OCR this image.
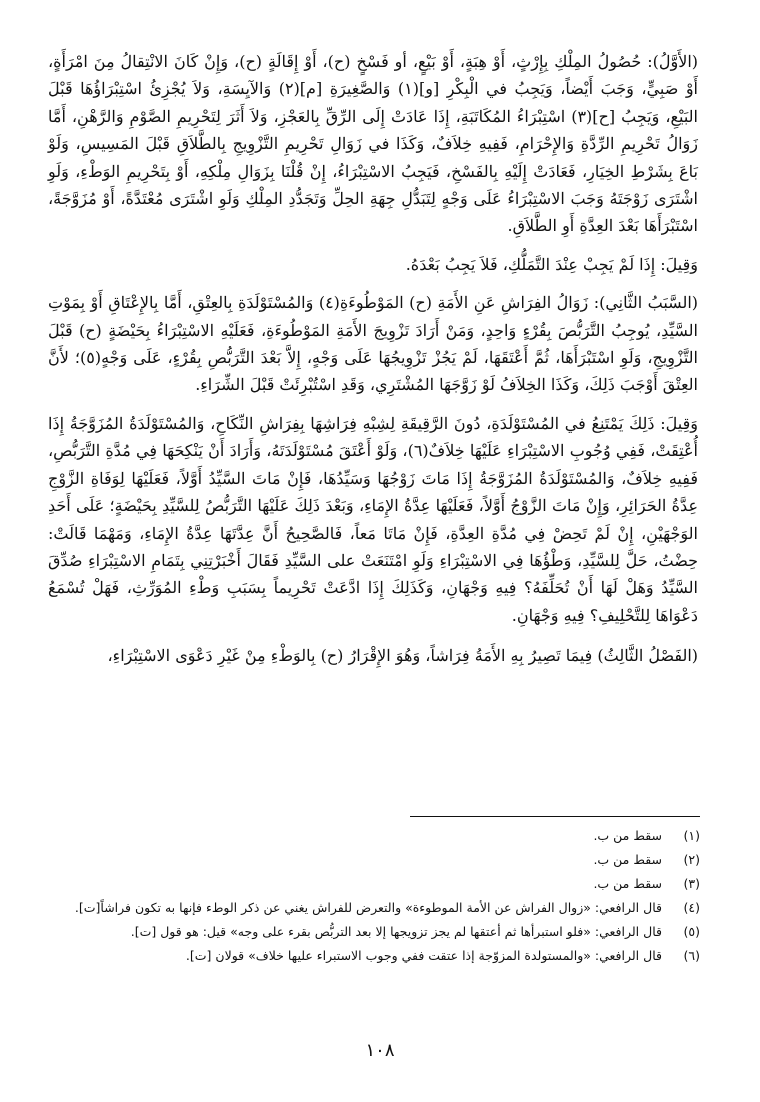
(الأَوَّلُ): حُصُولُ المِلْكِ بِإِرْثٍ، أَوْ هِبَةٍ، أَوْ بَيْعٍ، أو فَسْخٍ (ح)، أَوْ إِقَالَةٍ (ح)، وَإِنْ كَانَ الانْتِقالُ مِنَ امْرَأَةٍ، أَوْ صَبِيٍّ، وَجَبَ أَيْضاً، وَيَجِبُ في الْبِكْرِ [و](١) وَالصَّغِيرَةِ [م](٢) وَالآيِسَةِ، وَلاَ يُجْزِئُ اسْتِبْرَاؤُهَا قَبْلَ البَيْعِ، وَيَجِبُ [ح](٣) اسْتِبْرَاءُ المُكَاتَبَةِ، إِذَا عَادَتْ إِلَى الرِّقِّ بِالعَجْزِ، وَلاَ أَثَرَ لِتَحْرِيمِ الصَّوْمِ وَالرَّهْنِ، أَمَّا زَوَالُ تَحْرِيمِ الرِّدَّةِ وَالإِحْرَامِ، فَفِيهِ خِلاَفٌ، وَكَذَا في زَوَالِ تَحْرِيمِ التَّزْوِيجِ بِالطَّلاَقِ قَبْلَ المَسِيسِ، وَلَوْ بَاعَ بِشَرْطِ الخِيَارِ، فَعَادَتْ إِلَيْهِ بِالفَسْخِ، فَيَجِبُ الاسْتِبْرَاءُ، إِنْ قُلْنَا بِزَوَالِ مِلْكِهِ، أَوْ بِتَحْرِيمِ الوَطْءِ، وَلَوِ اشْتَرَى زَوْجَتَهُ وَجَبَ الاسْتِبْرَاءُ عَلَى وَجْهٍ لِتَبَدُّلِ جِهَةِ الحِلِّ وَتَجَدُّدِ المِلْكِ وَلَوِ اشْتَرَى مُعْتَدَّةً، أَوْ مُزَوَّجَةً، اسْتَبْرَأَهَا بَعْدَ العِدَّةِ أَوِ الطَّلاَقِ.

وَقِيلَ: إِذَا لَمْ يَجِبْ عِنْدَ التَّمَلُّكِ، فَلاَ يَجِبُ بَعْدَهُ.

(السَّبَبُ الثَّانِي): زَوَالُ الفِرَاشِ عَنِ الأَمَةِ (ح) المَوْطُوءَةِ(٤) وَالمُسْتَوْلَدَةِ بِالعِتْقِ، أَمَّا بِالإِعْتَاقِ أَوْ بِمَوْتِ السَّيِّدِ، يُوجِبُ التَّرَبُّصَ بِقُرْءٍ وَاحِدٍ، وَمَنْ أَرَادَ تَزْوِيجَ الأَمَةِ المَوْطُوءَةِ، فَعَلَيْهِ الاسْتِبْرَاءُ بِحَيْضَةٍ (ح) قَبْلَ التَّزْوِيجِ، وَلَوِ اسْتَبْرَأَهَا، ثُمَّ أَعْتَقَهَا، لَمْ يَجُزْ تَزْوِيجُهَا عَلَى وَجْهٍ، إِلاَّ بَعْدَ التَّرَبُّصِ بِقُرْءٍ، عَلَى وَجْهٍ(٥)؛ لأَنَّ العِتْقَ أَوْجَبَ ذَلِكَ، وَكَذَا الخِلاَفُ لَوْ زَوَّجَهَا المُشْتَرِي، وَقَدِ اسْتُبْرِئَتْ قَبْلَ الشِّرَاءِ.

وَقِيلَ: ذَلِكَ يَمْتَنِعُ في المُسْتَوْلَدَةِ، دُونَ الرَّقِيقَةِ لِشِبْهِ فِرَاشِهَا بِفِرَاشِ النِّكَاحِ، وَالمُسْتَوْلَدَةُ المُزَوَّجَةُ إِذَا أُعْتِقَتْ، فَفِي وُجُوبِ الاسْتِبْرَاءِ عَلَيْهَا خِلاَفٌ(٦)، وَلَوْ أَعْتَقَ مُسْتَوْلَدَتَهُ، وَأَرَادَ أَنْ يَنْكِحَهَا فِي مُدَّةِ التَّرَبُّصِ، فَفِيهِ خِلاَفٌ، وَالمُسْتَوْلَدَةُ المُزَوَّجَةُ إِذَا مَاتَ زَوْجُهَا وَسَيِّدُهَا، فَإِنْ مَاتَ السَّيِّدُ أَوَّلاً، فَعَلَيْهَا لِوَفَاةِ الزَّوْجِ عِدَّةُ الحَرَائِرِ، وَإِنْ مَاتَ الزَّوْجُ أَوَّلاً، فَعَلَيْهَا عِدَّةُ الإِمَاءِ، وَبَعْدَ ذَلِكَ عَلَيْهَا التَّرَبُّصُ لِلسَّيِّدِ بِحَيْضَةٍ؛ عَلَى أَحَدِ الوَجْهَيْنِ، إِنْ لَمْ تَحِضْ فِي مُدَّةِ العِدَّةِ، فَإِنْ مَاتَا مَعاً، فَالصَّحِيحُ أَنَّ عِدَّتَهَا عِدَّةُ الإِمَاءِ، وَمَهْمَا قَالَتْ: حِضْتُ، حَلَّ لِلسَّيِّدِ، وَطْؤُهَا فِي الاسْتِبْرَاءِ وَلَوِ امْتَنَعَتْ على السَّيِّدِ فَقَالَ أَخْبَرْتِنِي بِتَمَامِ الاسْتِبْرَاءِ صُدِّقَ السَّيِّدُ وَهَلْ لَهَا أَنْ تُحَلِّفَهُ؟ فِيهِ وَجْهَانِ، وَكَذَلِكَ إِذَا ادَّعَتْ تَحْرِيماً بِسَبَبِ وَطْءِ المُوَرِّثِ، فَهَلْ تُسْمَعُ دَعْوَاهَا لِلتَّحْلِيفِ؟ فِيهِ وَجْهَانِ.

(الفَصْلُ الثَّالِثُ) فِيمَا تَصِيرُ بِهِ الأَمَةُ فِرَاشاً، وَهُوَ الإِقْرَارُ (ح) بِالوَطْءِ مِنْ غَيْرِ دَعْوَى الاسْتِبْرَاءِ،

(١)
سقط من ب.
(٢)
سقط من ب.
(٣)
سقط من ب.
(٤)
قال الرافعي: «زوال الفراش عن الأمة الموطوءة» والتعرض للفراش يغني عن ذكر الوطء فإنها به تكون فراشاً[ت].
(٥)
قال الرافعي: «فلو استبرأها ثم أعتقها لم يجز تزويجها إلا بعد التربُّص بقرء على وجه» قيل: هو قول [ت].
(٦)
قال الرافعي: «والمستولدة المزوّجة إذا عتقت ففي وجوب الاستبراء عليها خلاف» قولان [ت].
١٠٨
